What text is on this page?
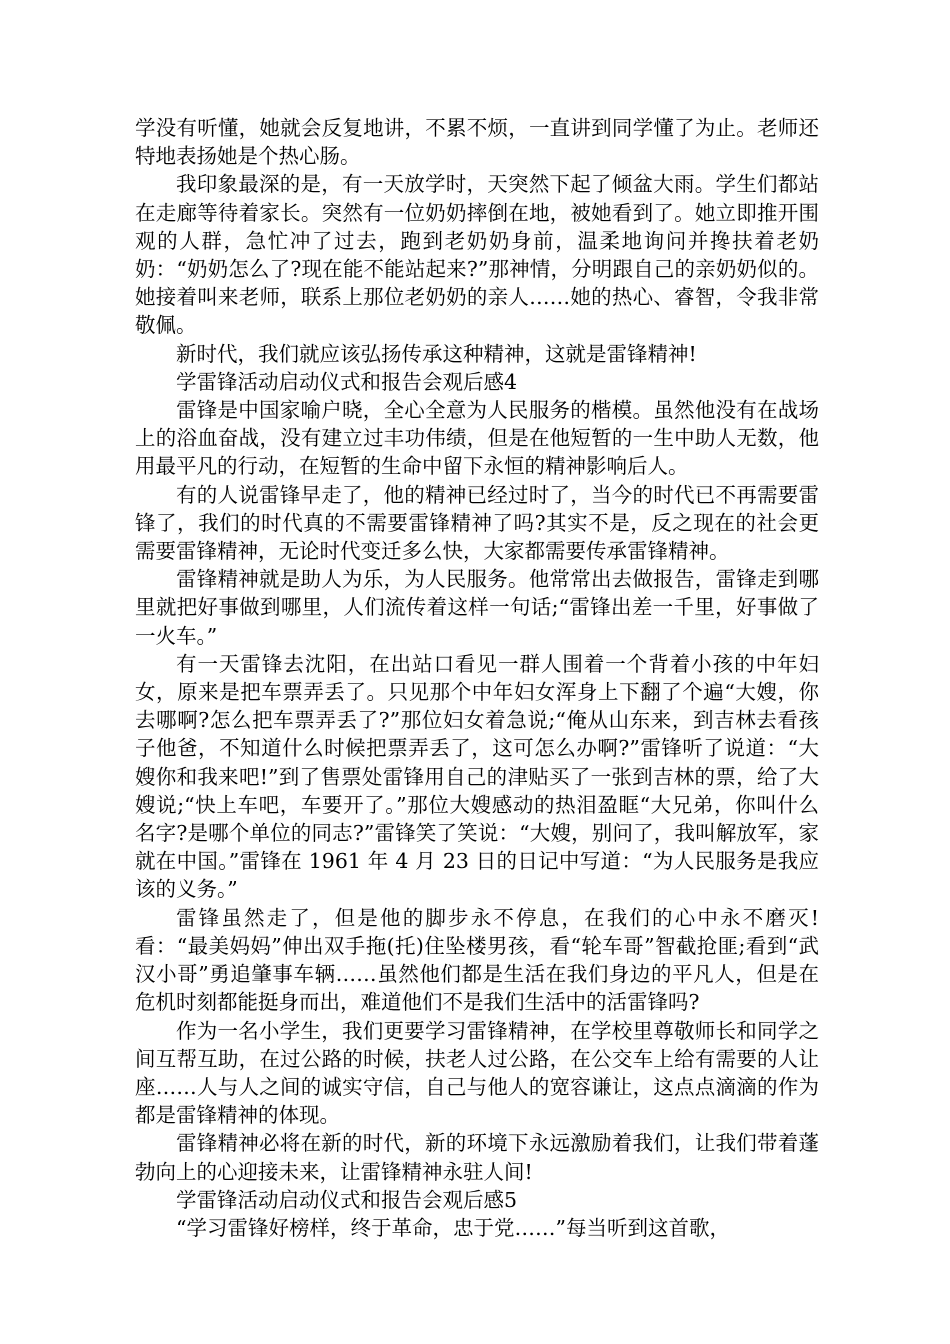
学没有听懂，她就会反复地讲，不累不烦，一直讲到同学懂了为止。老师还特地表扬她是个热心肠。

我印象最深的是，有一天放学时，天突然下起了倾盆大雨。学生们都站在走廊等待着家长。突然有一位奶奶摔倒在地，被她看到了。她立即推开围观的人群，急忙冲了过去，跑到老奶奶身前，温柔地询问并搀扶着老奶奶：“奶奶怎么了?现在能不能站起来?”那神情，分明跟自己的亲奶奶似的。她接着叫来老师，联系上那位老奶奶的亲人……她的热心、睿智，令我非常敬佩。

新时代，我们就应该弘扬传承这种精神，这就是雷锋精神!

学雷锋活动启动仪式和报告会观后感4

雷锋是中国家喻户晓，全心全意为人民服务的楷模。虽然他没有在战场上的浴血奋战，没有建立过丰功伟绩，但是在他短暂的一生中助人无数，他用最平凡的行动，在短暂的生命中留下永恒的精神影响后人。

有的人说雷锋早走了，他的精神已经过时了，当今的时代已不再需要雷锋了，我们的时代真的不需要雷锋精神了吗?其实不是，反之现在的社会更需要雷锋精神，无论时代变迁多么快，大家都需要传承雷锋精神。

雷锋精神就是助人为乐，为人民服务。他常常出去做报告，雷锋走到哪里就把好事做到哪里，人们流传着这样一句话;“雷锋出差一千里，好事做了一火车。”

有一天雷锋去沈阳，在出站口看见一群人围着一个背着小孩的中年妇女，原来是把车票弄丢了。只见那个中年妇女浑身上下翻了个遍“大嫂，你去哪啊?怎么把车票弄丢了?”那位妇女着急说;“俺从山东来，到吉林去看孩子他爸，不知道什么时候把票弄丢了，这可怎么办啊?”雷锋听了说道：“大嫂你和我来吧!”到了售票处雷锋用自己的津贴买了一张到吉林的票，给了大嫂说;“快上车吧，车要开了。”那位大嫂感动的热泪盈眶“大兄弟，你叫什么名字?是哪个单位的同志?”雷锋笑了笑说：“大嫂，别问了，我叫解放军，家就在中国。”雷锋在 1961 年 4 月 23 日的日记中写道：“为人民服务是我应该的义务。”

雷锋虽然走了，但是他的脚步永不停息，在我们的心中永不磨灭!看：“最美妈妈”伸出双手拖(托)住坠楼男孩，看“轮车哥”智截抢匪;看到“武汉小哥”勇追肇事车辆……虽然他们都是生活在我们身边的平凡人，但是在危机时刻都能挺身而出，难道他们不是我们生活中的活雷锋吗?

作为一名小学生，我们更要学习雷锋精神，在学校里尊敬师长和同学之间互帮互助，在过公路的时候，扶老人过公路，在公交车上给有需要的人让座……人与人之间的诚实守信，自己与他人的宽容谦让，这点点滴滴的作为都是雷锋精神的体现。

雷锋精神必将在新的时代，新的环境下永远激励着我们，让我们带着蓬勃向上的心迎接未来，让雷锋精神永驻人间!

学雷锋活动启动仪式和报告会观后感5

“学习雷锋好榜样，终于革命，忠于党……”每当听到这首歌，
